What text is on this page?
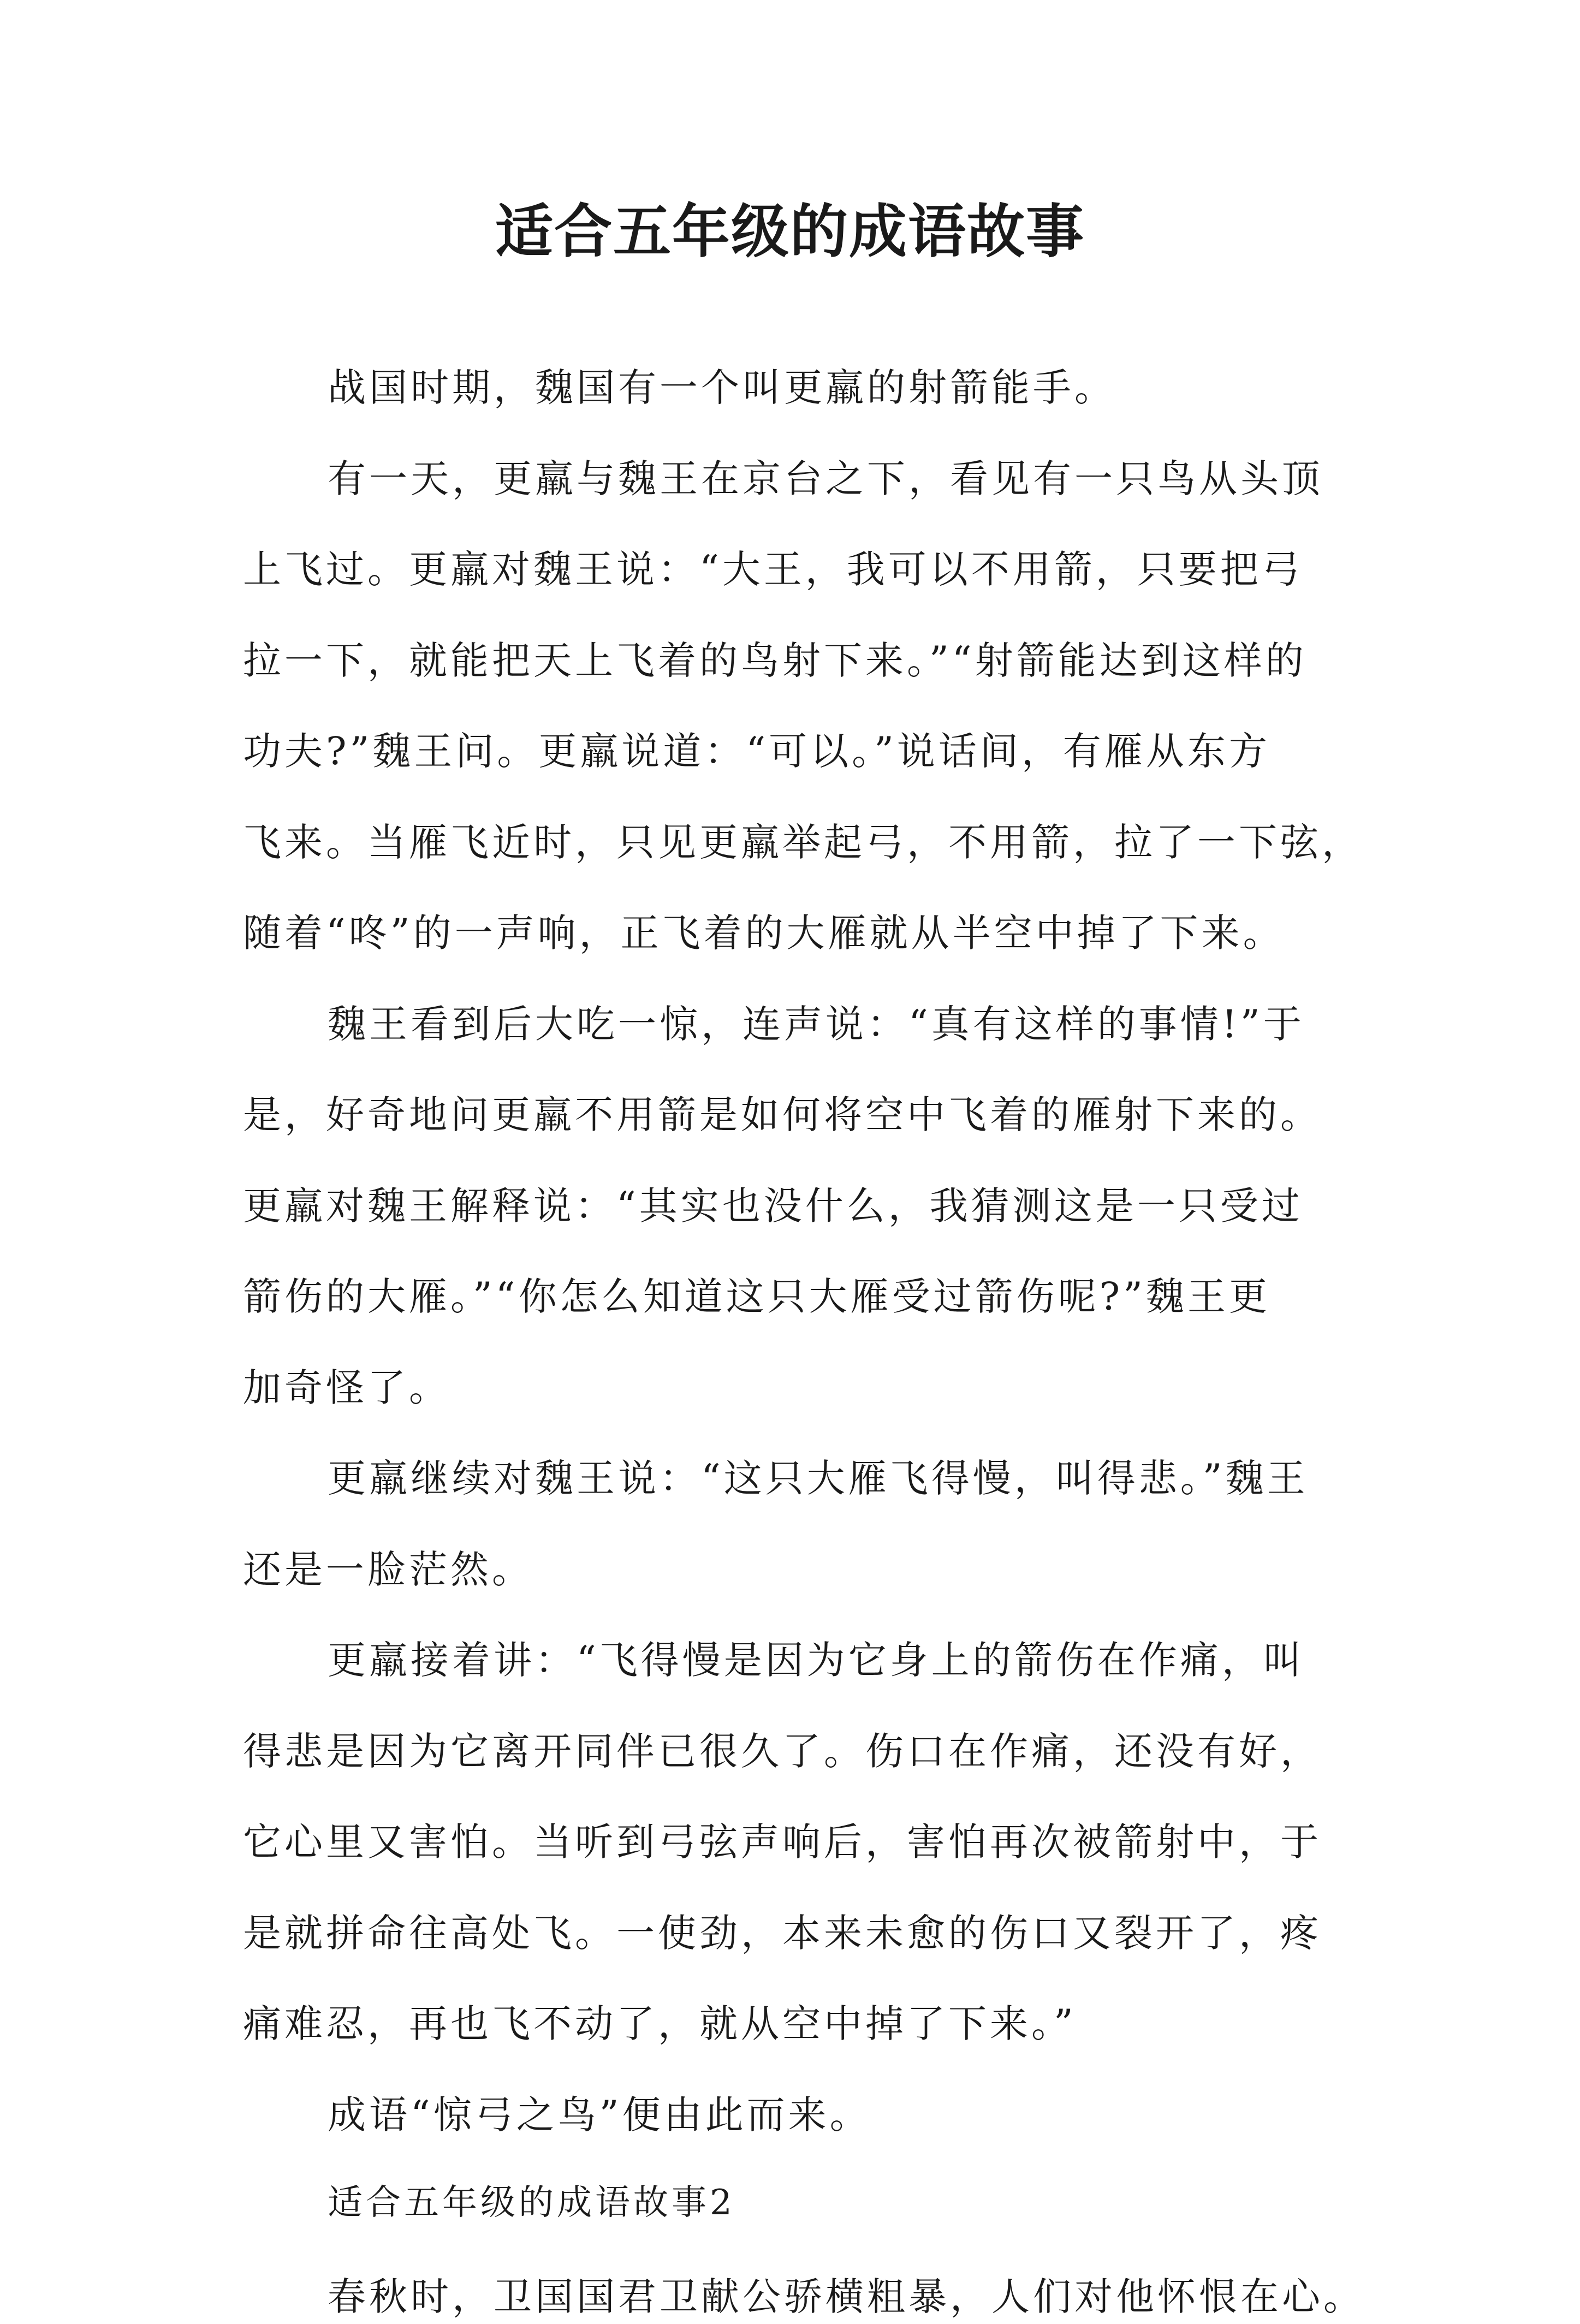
适合五年级的成语故事
战国时期，魏国有一个叫更羸的射箭能手。
有一天，更羸与魏王在京台之下，看见有一只鸟从头顶
上飞过。更羸对魏王说：“大王，我可以不用箭，只要把弓
拉一下，就能把天上飞着的鸟射下来。”“射箭能达到这样的
功夫?”魏王问。更羸说道：“可以。”说话间，有雁从东方
飞来。当雁飞近时，只见更羸举起弓，不用箭，拉了一下弦，
随着“咚”的一声响，正飞着的大雁就从半空中掉了下来。
魏王看到后大吃一惊，连声说：“真有这样的事情!”于
是，好奇地问更羸不用箭是如何将空中飞着的雁射下来的。
更羸对魏王解释说：“其实也没什么，我猜测这是一只受过
箭伤的大雁。”“你怎么知道这只大雁受过箭伤呢?”魏王更
加奇怪了。
更羸继续对魏王说：“这只大雁飞得慢，叫得悲。”魏王
还是一脸茫然。
更羸接着讲：“飞得慢是因为它身上的箭伤在作痛，叫
得悲是因为它离开同伴已很久了。伤口在作痛，还没有好，
它心里又害怕。当听到弓弦声响后，害怕再次被箭射中，于
是就拼命往高处飞。一使劲，本来未愈的伤口又裂开了，疼
痛难忍，再也飞不动了，就从空中掉了下来。”
成语“惊弓之鸟”便由此而来。
适合五年级的成语故事2
春秋时，卫国国君卫献公骄横粗暴，人们对他怀恨在心。
